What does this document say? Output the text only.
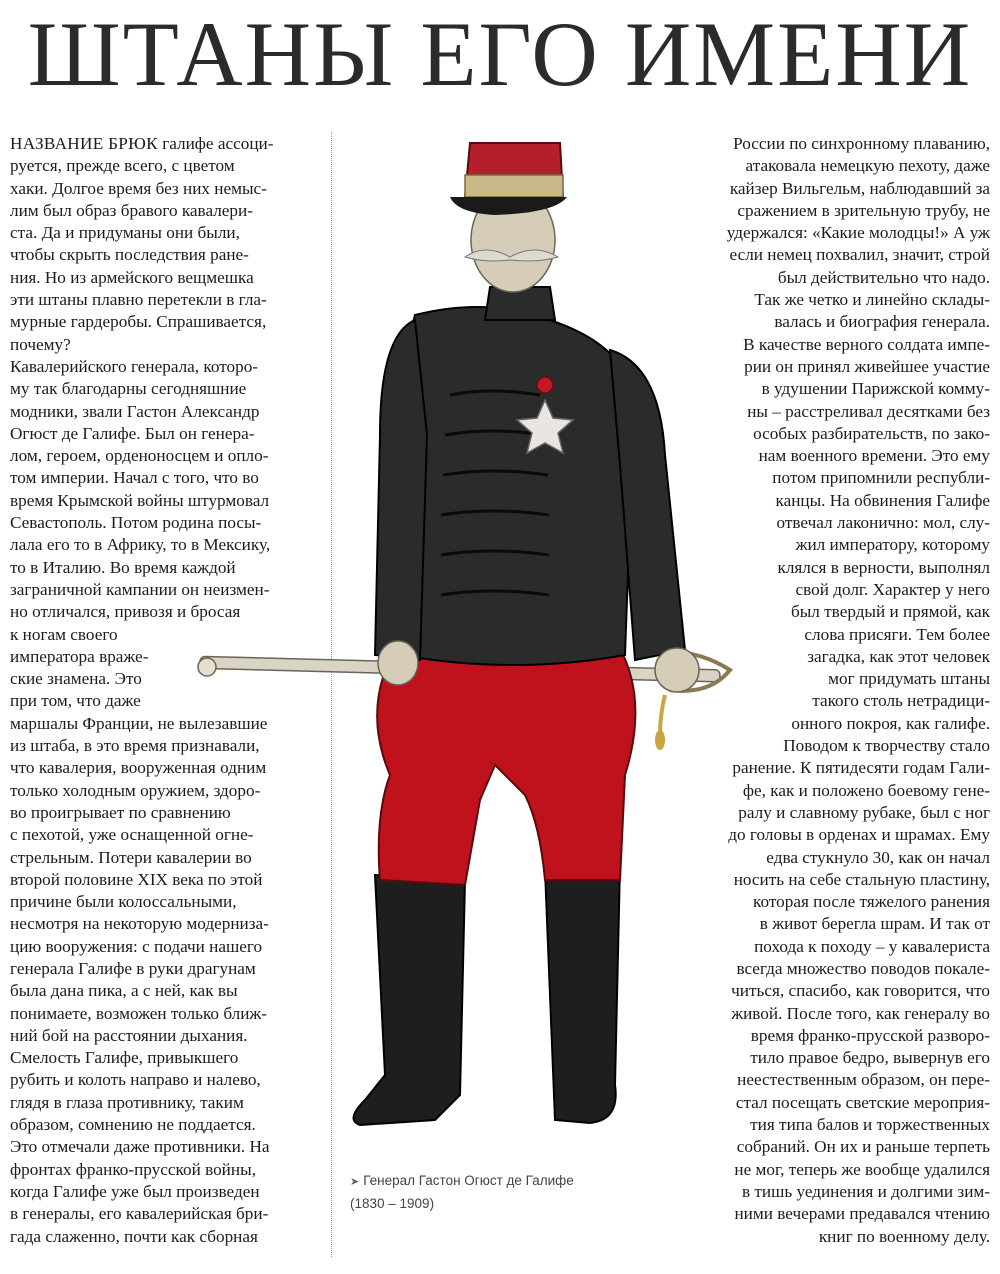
ШТАНЫ ЕГО ИМЕНИ
НАЗВАНИЕ БРЮК галифе ассоци-
руется, прежде всего, с цветом
хаки. Долгое время без них немыс-
лим был образ бравого кавалери-
ста. Да и придуманы они были,
чтобы скрыть последствия ране-
ния. Но из армейского вещмешка
эти штаны плавно перетекли в гла-
мурные гардеробы. Спрашивается,
почему?
Кавалерийского генерала, которо-
му так благодарны сегодняшние
модники, звали Гастон Александр
Огюст де Галифе. Был он генера-
лом, героем, орденоносцем и опло-
том империи. Начал с того, что во
время Крымской войны штурмовал
Севастополь. Потом родина посы-
лала его то в Африку, то в Мексику,
то в Италию. Во время каждой
заграничной кампании он неизмен-
но отличался, привозя и бросая
к ногам своего
императора враже-
ские знамена. Это
при том, что даже
маршалы Франции, не вылезавшие
из штаба, в это время признавали,
что кавалерия, вооруженная одним
только холодным оружием, здоро-
во проигрывает по сравнению
с пехотой, уже оснащенной огне-
стрельным. Потери кавалерии во
второй половине XIX века по этой
причине были колоссальными,
несмотря на некоторую модерниза-
цию вооружения: с подачи нашего
генерала Галифе в руки драгунам
была дана пика, а с ней, как вы
понимаете, возможен только ближ-
ний бой на расстоянии дыхания.
Смелость Галифе, привыкшего
рубить и колоть направо и налево,
глядя в глаза противнику, таким
образом, сомнению не поддается.
Это отмечали даже противники. На
фронтах франко-прусской войны,
когда Галифе уже был произведен
в генералы, его кавалерийская бри-
гада слаженно, почти как сборная
России по синхронному плаванию,
атаковала немецкую пехоту, даже
кайзер Вильгельм, наблюдавший за
сражением в зрительную трубу, не
удержался: «Какие молодцы!» А уж
если немец похвалил, значит, строй
был действительно что надо.
Так же четко и линейно склады-
валась и биография генерала.
В качестве верного солдата импе-
рии он принял живейшее участие
в удушении Парижской комму-
ны – расстреливал десятками без
особых разбирательств, по зако-
нам военного времени. Это ему
потом припомнили республи-
канцы. На обвинения Галифе
отвечал лаконично: мол, слу-
жил императору, которому
клялся в верности, выполнял
свой долг. Характер у него
был твердый и прямой, как
слова присяги. Тем более
загадка, как этот человек
мог придумать штаны
такого столь нетрадици-
онного покроя, как галифе.
Поводом к творчеству стало
ранение. К пятидесяти годам Гали-
фе, как и положено боевому гене-
ралу и славному рубаке, был с ног
до головы в орденах и шрамах. Ему
едва стукнуло 30, как он начал
носить на себе стальную пластину,
которая после тяжелого ранения
в живот берегла шрам. И так от
похода к походу – у кавалериста
всегда множество поводов покале-
читься, спасибо, как говорится, что
живой. После того, как генералу во
время франко-прусской разворо-
тило правое бедро, вывернув его
неестественным образом, он пере-
стал посещать светские мероприя-
тия типа балов и торжественных
собраний. Он их и раньше терпеть
не мог, теперь же вообще удалился
в тишь уединения и долгими зим-
ними вечерами предавался чтению
книг по военному делу.
➤ Генерал Гастон Огюст де Галифе
(1830 – 1909)
